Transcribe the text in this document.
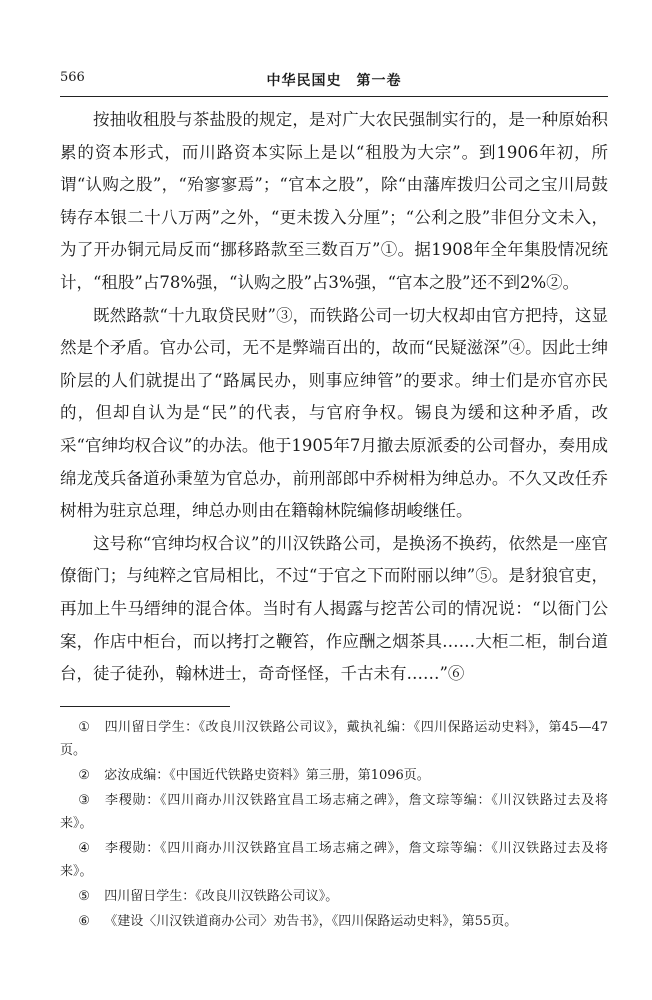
566	中华民国史　第一卷

按抽收租股与茶盐股的规定，是对广大农民强制实行的，是一种原始积累的资本形式，而川路资本实际上是以“租股为大宗”。到1906年初，所谓“认购之股”，“殆寥寥焉”；“官本之股”，除“由藩库拨归公司之宝川局鼓铸存本银二十八万两”之外，“更未拨入分厘”；“公利之股”非但分文未入，为了开办铜元局反而“挪移路款至三数百万”①。据1908年全年集股情况统计，“租股”占78%强，“认购之股”占3%强，“官本之股”还不到2%②。

既然路款“十九取贷民财”③，而铁路公司一切大权却由官方把持，这显然是个矛盾。官办公司，无不是弊端百出的，故而“民疑滋深”④。因此士绅阶层的人们就提出了“路属民办，则事应绅管”的要求。绅士们是亦官亦民的，但却自认为是“民”的代表，与官府争权。锡良为缓和这种矛盾，改采“官绅均权合议”的办法。他于1905年7月撤去原派委的公司督办，奏用成绵龙茂兵备道孙秉堃为官总办，前刑部郎中乔树枏为绅总办。不久又改任乔树枏为驻京总理，绅总办则由在籍翰林院编修胡峻继任。

这号称“官绅均权合议”的川汉铁路公司，是换汤不换药，依然是一座官僚衙门；与纯粹之官局相比，不过“于官之下而附丽以绅”⑤。是豺狼官吏，再加上牛马缙绅的混合体。当时有人揭露与挖苦公司的情况说：“以衙门公案，作店中柜台，而以拷打之鞭笞，作应酬之烟茶具……大柜二柜，制台道台，徒子徒孙，翰林进士，奇奇怪怪，千古未有……”⑥

① 四川留日学生：《改良川汉铁路公司议》，戴执礼编：《四川保路运动史料》，第45—47页。

② 宓汝成编：《中国近代铁路史资料》第三册，第1096页。

③ 李稷勋：《四川商办川汉铁路宜昌工场志痛之碑》，詹文琮等编：《川汉铁路过去及将来》。

④ 李稷勋：《四川商办川汉铁路宜昌工场志痛之碑》，詹文琮等编：《川汉铁路过去及将来》。

⑤ 四川留日学生：《改良川汉铁路公司议》。

⑥ 《建设〈川汉铁道商办公司〉劝告书》，《四川保路运动史料》，第55页。
